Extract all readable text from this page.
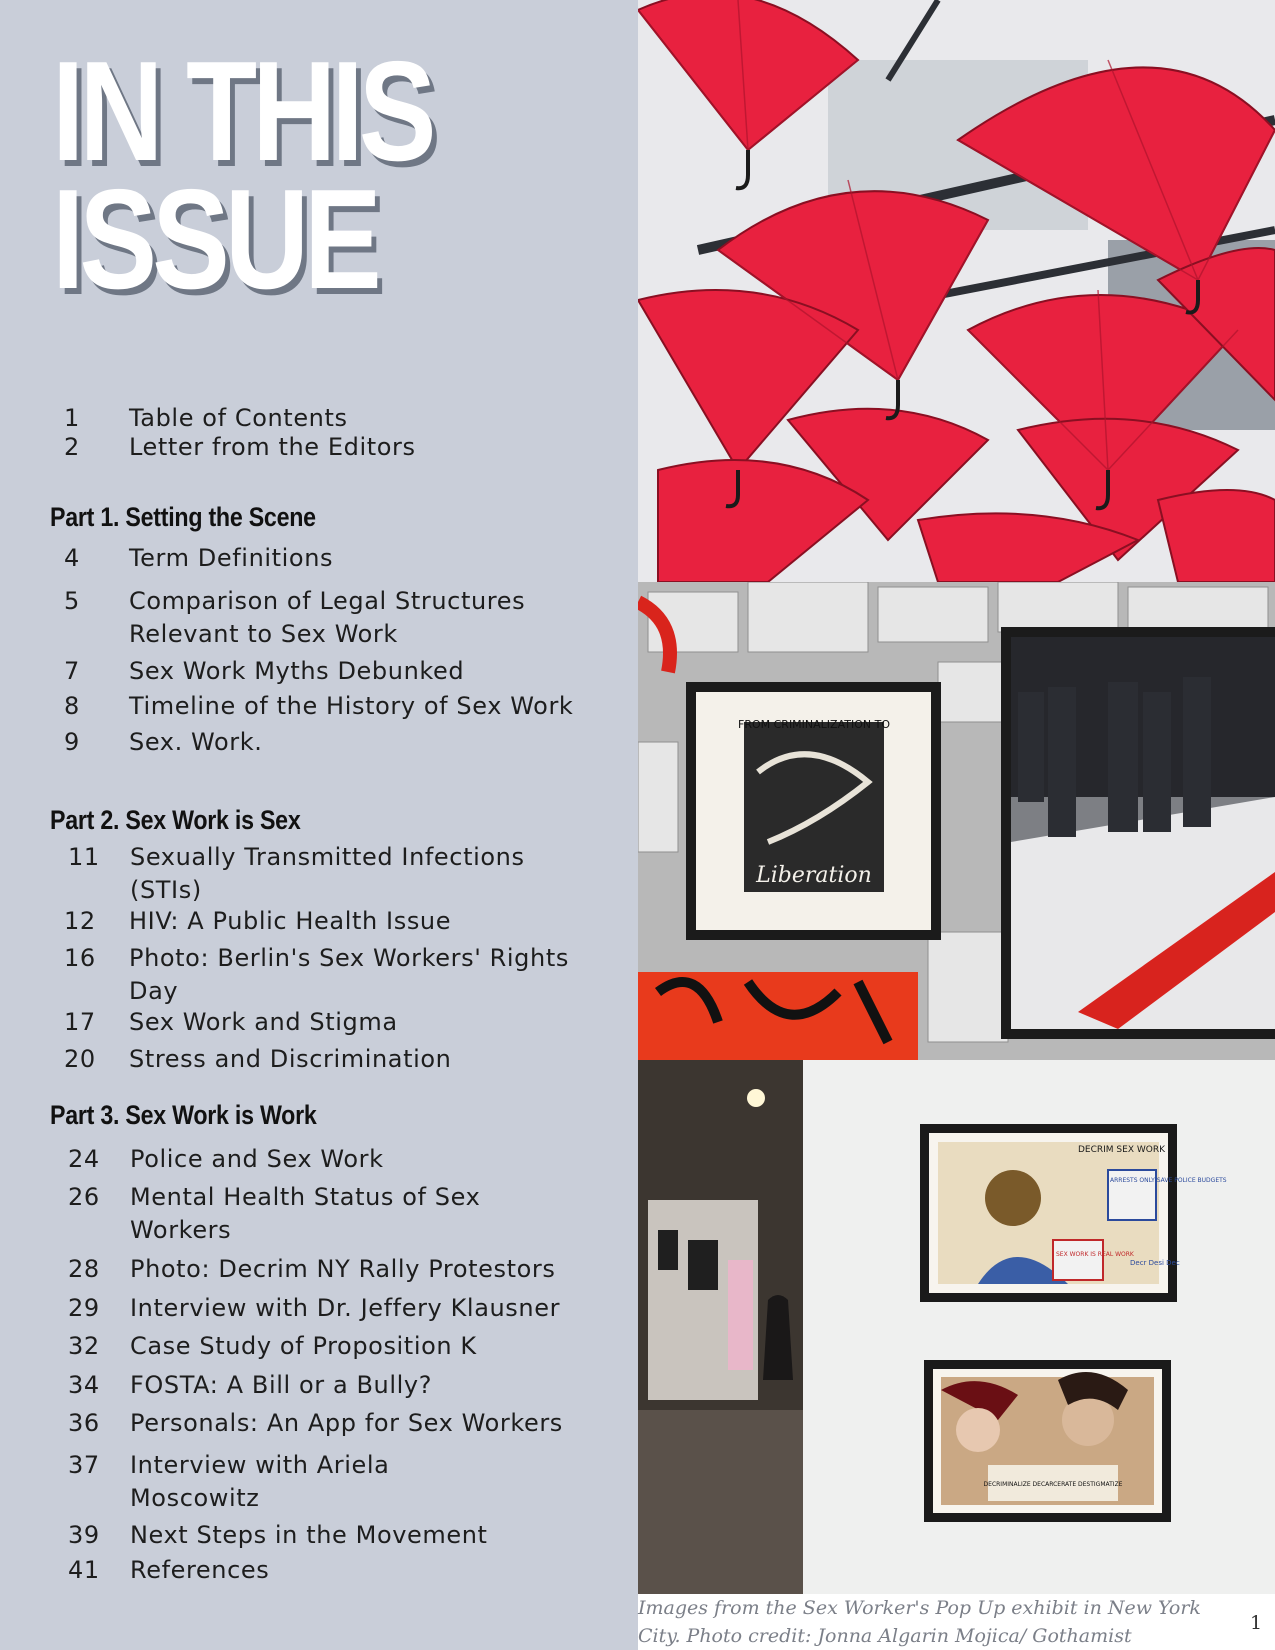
IN THIS
ISSUE
1 Table of Contents
2 Letter from the Editors
Part 1. Setting the Scene
4 Term Definitions
5 Comparison of Legal Structures Relevant to Sex Work
7 Sex Work Myths Debunked
8 Timeline of the History of Sex Work
9 Sex. Work.
Part 2. Sex Work is Sex
11 Sexually Transmitted Infections (STIs)
12 HIV: A Public Health Issue
16 Photo: Berlin's Sex Workers' Rights Day
17 Sex Work and Stigma
20 Stress and Discrimination
Part 3. Sex Work is Work
24 Police and Sex Work
26 Mental Health Status of Sex Workers
28 Photo: Decrim NY Rally Protestors
29 Interview with Dr. Jeffery Klausner
32 Case Study of Proposition K
34 FOSTA: A Bill or a Bully?
36 Personals: An App for Sex Workers
37 Interview with Ariela Moscowitz
39 Next Steps in the Movement
41 References
FROM CRIMINALIZATION TO
Liberation
DECRIM SEX WORK
ARRESTS ONLY SAVE POLICE BUDGETS
SEX WORK IS REAL WORK
Decr Desi Dec
DECRIMINALIZE DECARCERATE DESTIGMATIZE

Images from the Sex Worker's Pop Up exhibit in New York City. Photo credit: Jonna Algarin Mojica/ Gothamist

1
